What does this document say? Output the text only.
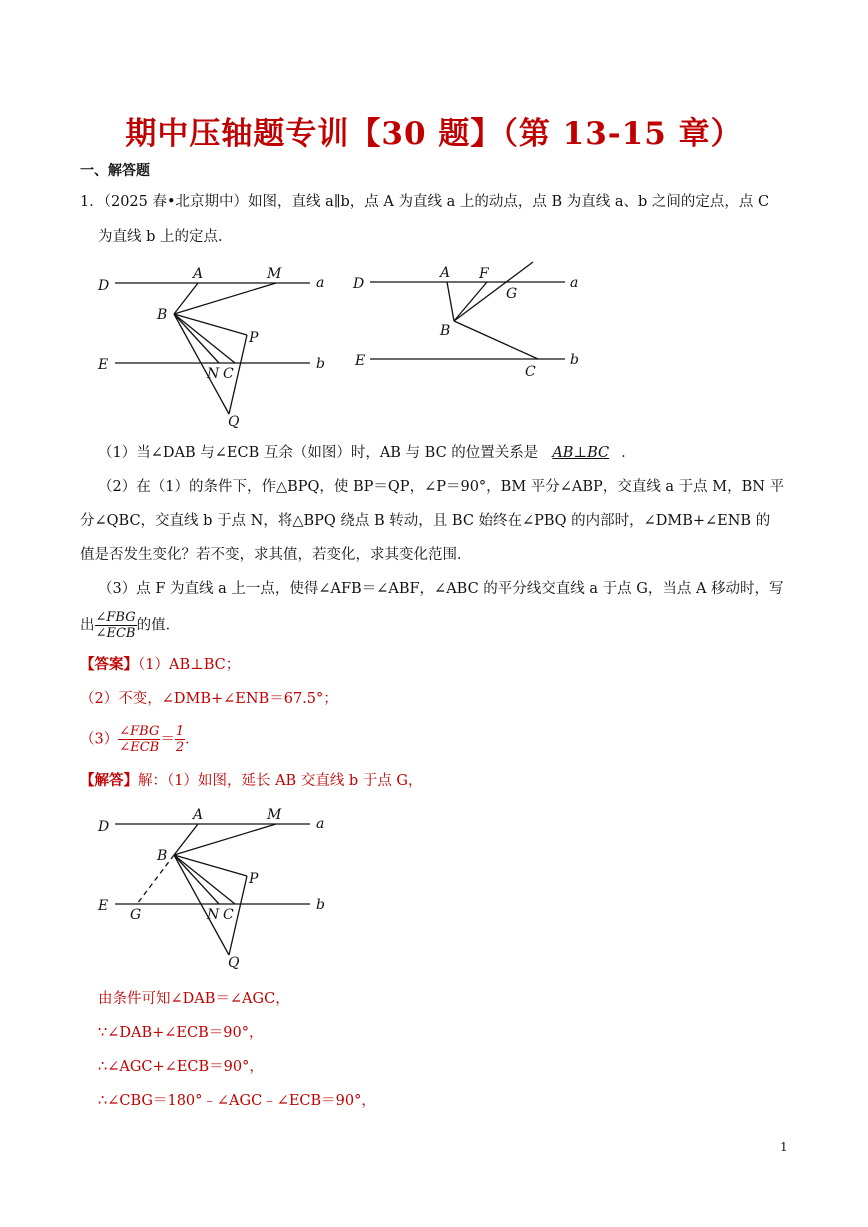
期中压轴题专训【30 题】（第 13-15 章）
一、解答题
1．（2025 春•北京期中）如图，直线 a∥b，点 A 为直线 a 上的动点，点 B 为直线 a、b 之间的定点，点 C
为直线 b 上的定点．
D
A	M
a
B
P
E
N C
b
Q
D
A F
G
a
B
E
C
b
（1）当∠DAB 与∠ECB 互余（如图）时，AB 与 BC 的位置关系是 AB⊥BC ．
（2）在（1）的条件下，作△BPQ，使 BP＝QP，∠P＝90°，BM 平分∠ABP，交直线 a 于点 M，BN 平
分∠QBC，交直线 b 于点 N，将△BPQ 绕点 B 转动，且 BC 始终在∠PBQ 的内部时，∠DMB+∠ENB 的
值是否发生变化？若不变，求其值，若变化，求其变化范围．
（3）点 F 为直线 a 上一点，使得∠AFB＝∠ABF，∠ABC 的平分线交直线 a 于点 G，当点 A 移动时，写
出 $\frac{\text{∠FBG}}{\text{∠ECB}}$ 的值．
【答案】（1）AB⊥BC；
（2）不变，∠DMB+∠ENB＝67.5°；
$(3) \frac{\text{∠FBG}}{\text{∠ECB}} = \frac{1}{2}$ ．
【解答】解：（1）如图，延长 AB 交直线 b 于点 G，
D
A	M
a
B
P
E
G	N C
b
Q
由条件可知∠DAB＝∠AGC，
∵∠DAB+∠ECB＝90°，
∴∠AGC+∠ECB＝90°，
∴∠CBG＝180°﹣∠AGC﹣∠ECB＝90°，
1
